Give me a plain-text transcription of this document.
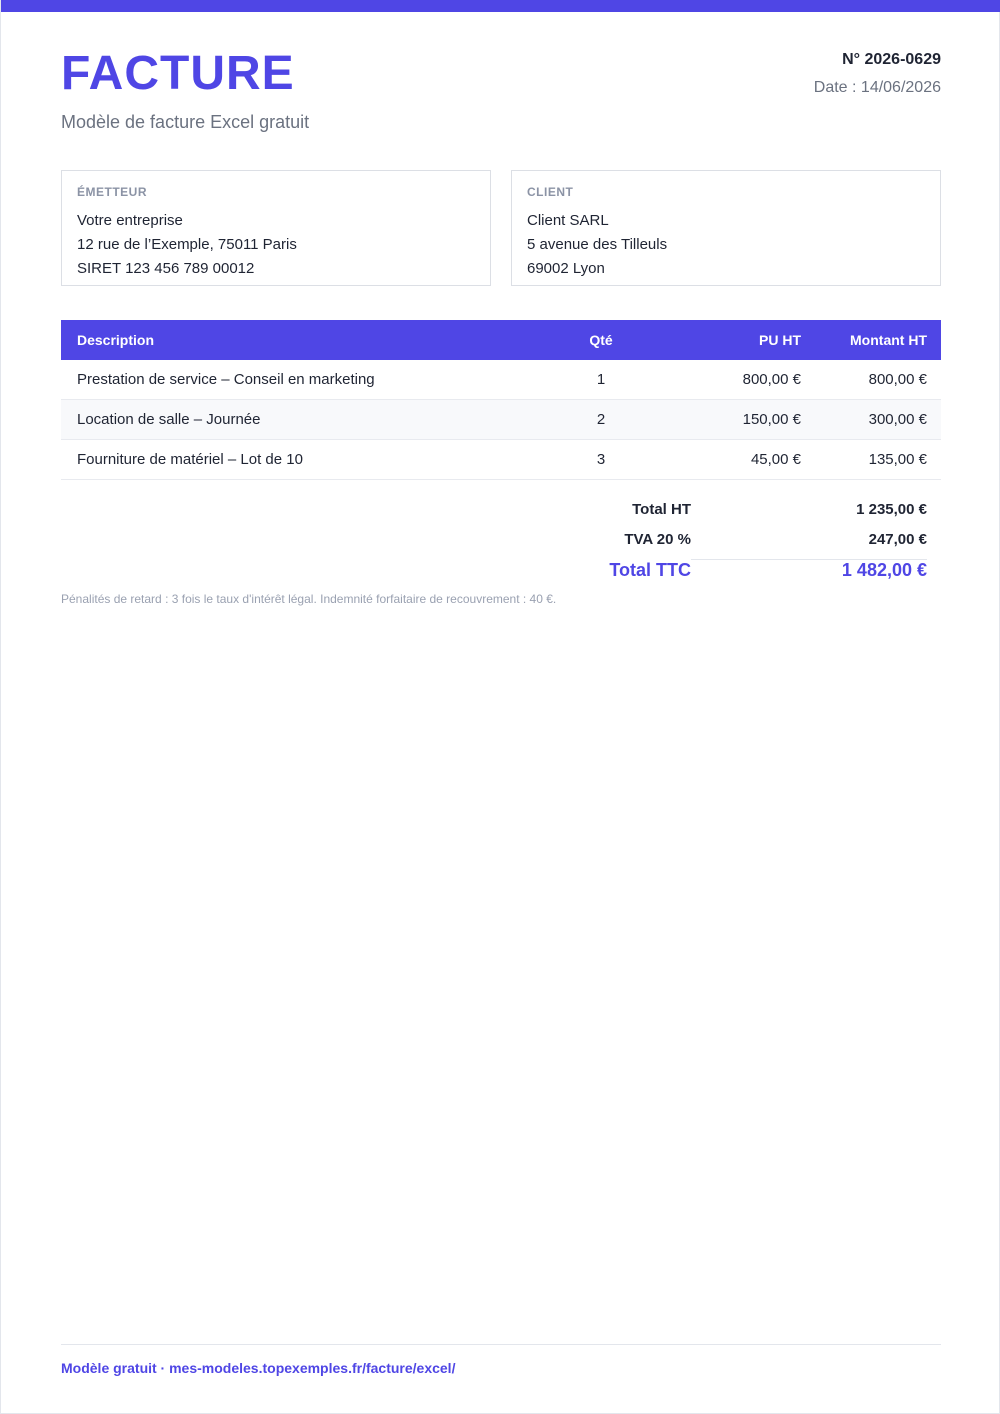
FACTURE
Modèle de facture Excel gratuit
N° 2026-0629
Date : 14/06/2026
ÉMETTEUR
Votre entreprise
12 rue de l’Exemple, 75011 Paris
SIRET 123 456 789 00012
CLIENT
Client SARL
5 avenue des Tilleuls
69002 Lyon
Description	Qté	PU HT	Montant HT
Prestation de service – Conseil en marketing	1	800,00 €	800,00 €
Location de salle – Journée	2	150,00 €	300,00 €
Fourniture de matériel – Lot de 10	3	45,00 €	135,00 €
Total HT	1 235,00 €
TVA 20 %	247,00 €
Total TTC	1 482,00 €
Pénalités de retard : 3 fois le taux d'intérêt légal. Indemnité forfaitaire de recouvrement : 40 €.
Modèle gratuit · mes-modeles.topexemples.fr/facture/excel/
